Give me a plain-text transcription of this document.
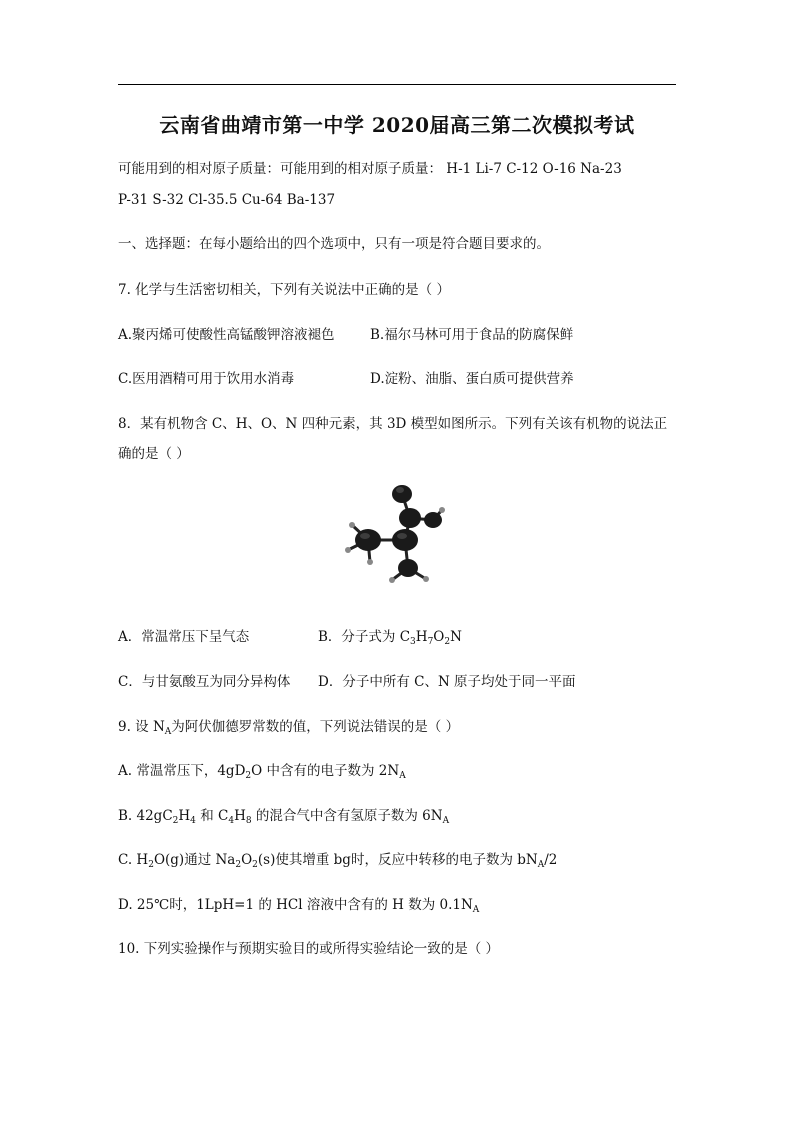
云南省曲靖市第一中学 2020届高三第二次模拟考试
可能用到的相对原子质量：可能用到的相对原子质量： H-1 Li-7 C-12 O-16 Na-23
P-31 S-32 Cl-35.5 Cu-64 Ba-137
一、选择题：在每小题给出的四个选项中，只有一项是符合题目要求的。
7. 化学与生活密切相关，下列有关说法中正确的是（ ）
A.聚丙烯可使酸性高锰酸钾溶液褪色	B.福尔马林可用于食品的防腐保鲜
C.医用酒精可用于饮用水消毒	D.淀粉、油脂、蛋白质可提供营养
8．某有机物含 C、H、O、N 四种元素，其 3D 模型如图所示。下列有关该有机物的说法正
确的是（ ）
A．常温常压下呈气态	B．分子式为 $C_3H_7O_2N$
C．与甘氨酸互为同分异构体 D．分子中所有 C、N 原子均处于同一平面
9. 设 $N_A$为阿伏伽德罗常数的值，下列说法错误的是（ ）
A. 常温常压下，$4gD_2O$ 中含有的电子数为 $2N_A$
B. $42gC_2H_4$ 和 $C_4H_8$ 的混合气中含有氢原子数为 $6N_A$
C. $H_2O(g)$通过 $Na_2O_2(s)$使其增重 bg时，反应中转移的电子数为 $bN_A/2$
D. 25℃时，1LpH=1 的 HCl 溶液中含有的 H 数为 $0.1N_A$
10. 下列实验操作与预期实验目的或所得实验结论一致的是（ ）
